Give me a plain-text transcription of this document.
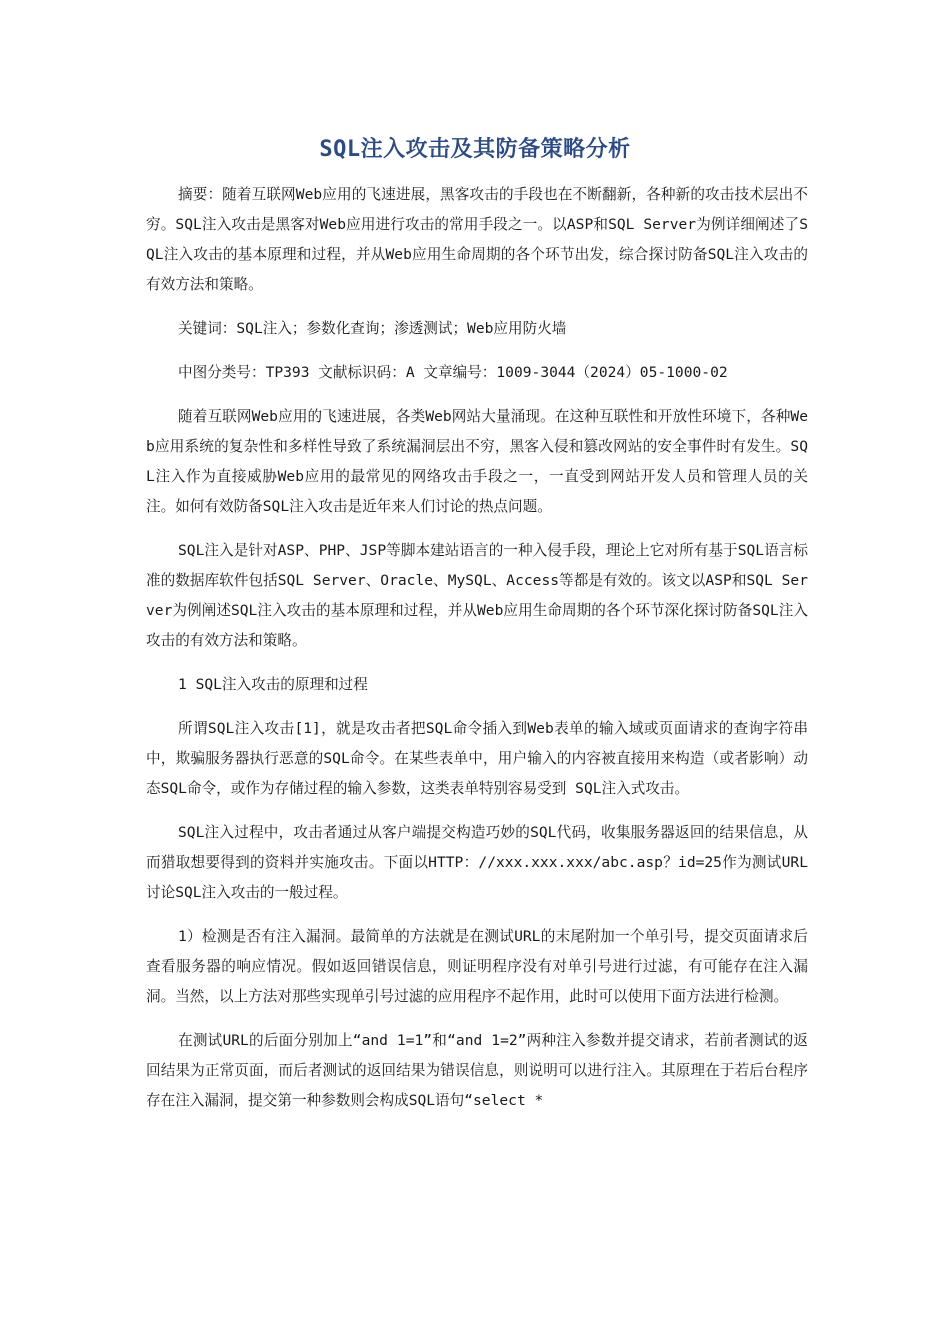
SQL注入攻击及其防备策略分析

摘要：随着互联网Web应用的飞速进展，黑客攻击的手段也在不断翻新，各种新的攻击技术层出不穷。SQL注入攻击是黑客对Web应用进行攻击的常用手段之一。以ASP和SQL Server为例详细阐述了SQL注入攻击的基本原理和过程，并从Web应用生命周期的各个环节出发，综合探讨防备SQL注入攻击的有效方法和策略。

关键词：SQL注入；参数化查询；渗透测试；Web应用防火墙

中图分类号：TP393 文献标识码：A 文章编号：1009-3044（2024）05-1000-02

随着互联网Web应用的飞速进展，各类Web网站大量涌现。在这种互联性和开放性环境下，各种Web应用系统的复杂性和多样性导致了系统漏洞层出不穷，黑客入侵和篡改网站的安全事件时有发生。SQL注入作为直接威胁Web应用的最常见的网络攻击手段之一，一直受到网站开发人员和管理人员的关注。如何有效防备SQL注入攻击是近年来人们讨论的热点问题。

SQL注入是针对ASP、PHP、JSP等脚本建站语言的一种入侵手段，理论上它对所有基于SQL语言标准的数据库软件包括SQL Server、Oracle、MySQL、Access等都是有效的。该文以ASP和SQL Server为例阐述SQL注入攻击的基本原理和过程，并从Web应用生命周期的各个环节深化探讨防备SQL注入攻击的有效方法和策略。

1 SQL注入攻击的原理和过程

所谓SQL注入攻击[1]，就是攻击者把SQL命令插入到Web表单的输入域或页面请求的查询字符串中，欺骗服务器执行恶意的SQL命令。在某些表单中，用户输入的内容被直接用来构造（或者影响）动态SQL命令，或作为存储过程的输入参数，这类表单特别容易受到 SQL注入式攻击。

SQL注入过程中，攻击者通过从客户端提交构造巧妙的SQL代码，收集服务器返回的结果信息，从而猎取想要得到的资料并实施攻击。下面以HTTP：//xxx.xxx.xxx/abc.asp？id=25作为测试URL讨论SQL注入攻击的一般过程。

1）检测是否有注入漏洞。最简单的方法就是在测试URL的末尾附加一个单引号，提交页面请求后查看服务器的响应情况。假如返回错误信息，则证明程序没有对单引号进行过滤，有可能存在注入漏洞。当然，以上方法对那些实现单引号过滤的应用程序不起作用，此时可以使用下面方法进行检测。

在测试URL的后面分别加上“and 1=1”和“and 1=2”两种注入参数并提交请求，若前者测试的返回结果为正常页面，而后者测试的返回结果为错误信息，则说明可以进行注入。其原理在于若后台程序存在注入漏洞，提交第一种参数则会构成SQL语句“select *
